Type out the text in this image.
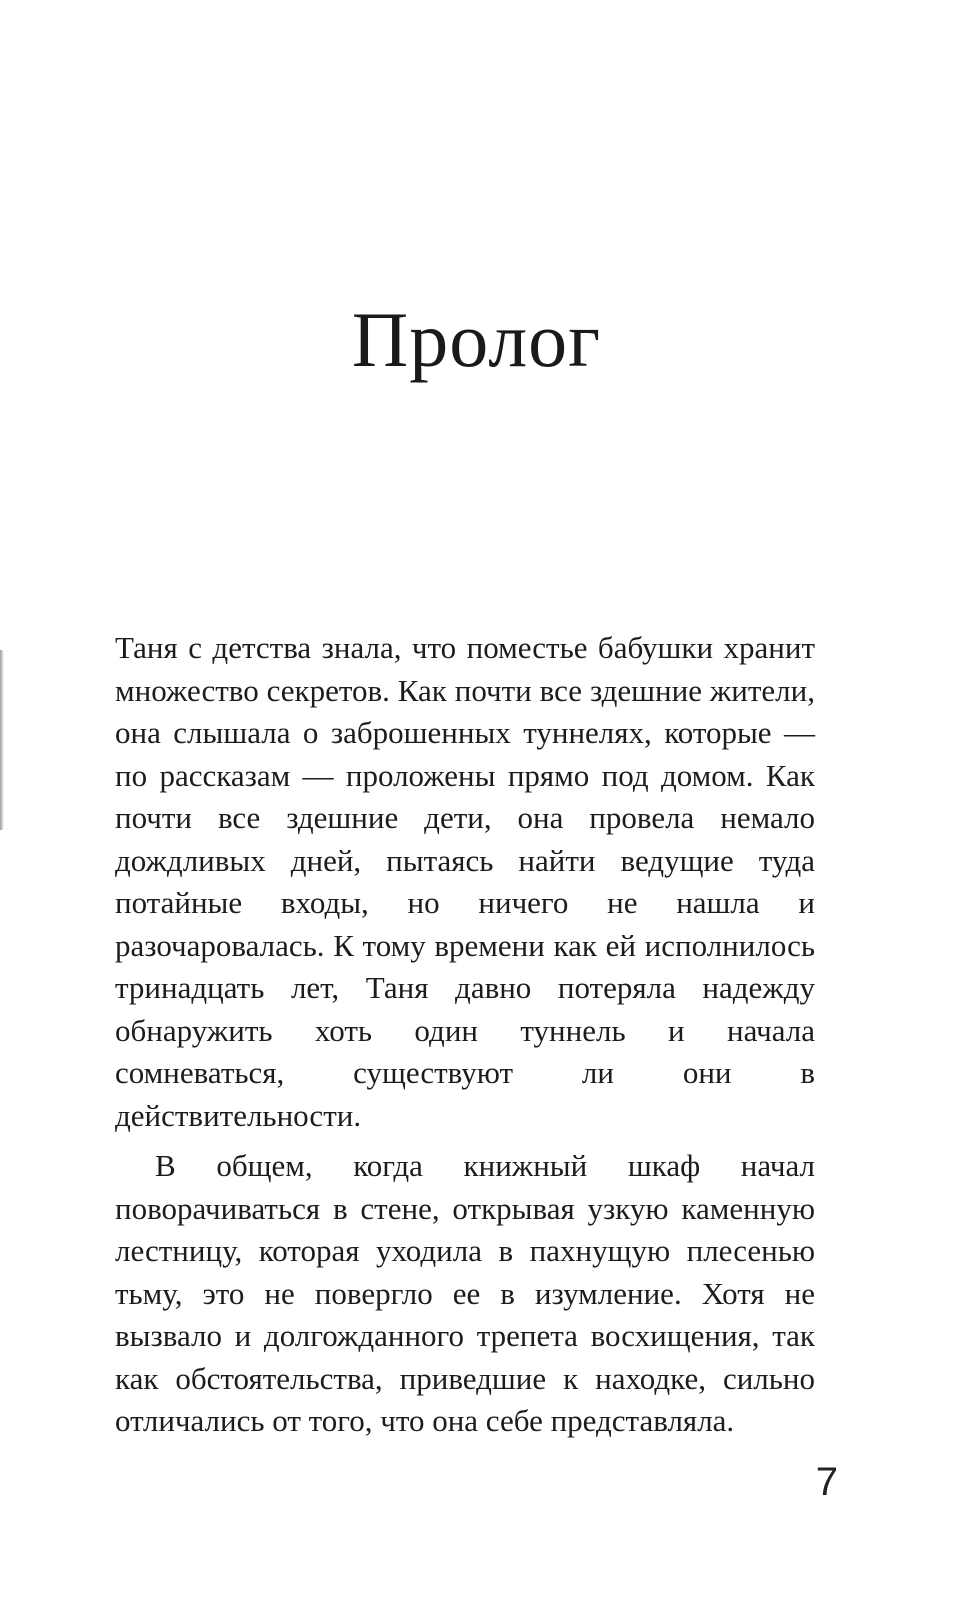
Пролог

Таня с детства знала, что поместье бабушки хранит множество секретов. Как почти все здешние жители, она слышала о заброшенных туннелях, которые — по рассказам — проложены прямо под домом. Как почти все здешние дети, она провела немало дождливых дней, пытаясь найти ведущие туда потайные входы, но ничего не нашла и разочаровалась. К тому времени как ей исполнилось тринадцать лет, Таня давно потеряла надежду обнаружить хоть один туннель и начала сомневаться, существуют ли они в действительности.

В общем, когда книжный шкаф начал поворачиваться в стене, открывая узкую каменную лестницу, которая уходила в пахнущую плесенью тьму, это не повергло ее в изумление. Хотя не вызвало и долгожданного трепета восхищения, так как обстоятельства, приведшие к находке, сильно отличались от того, что она себе представляла.

7
